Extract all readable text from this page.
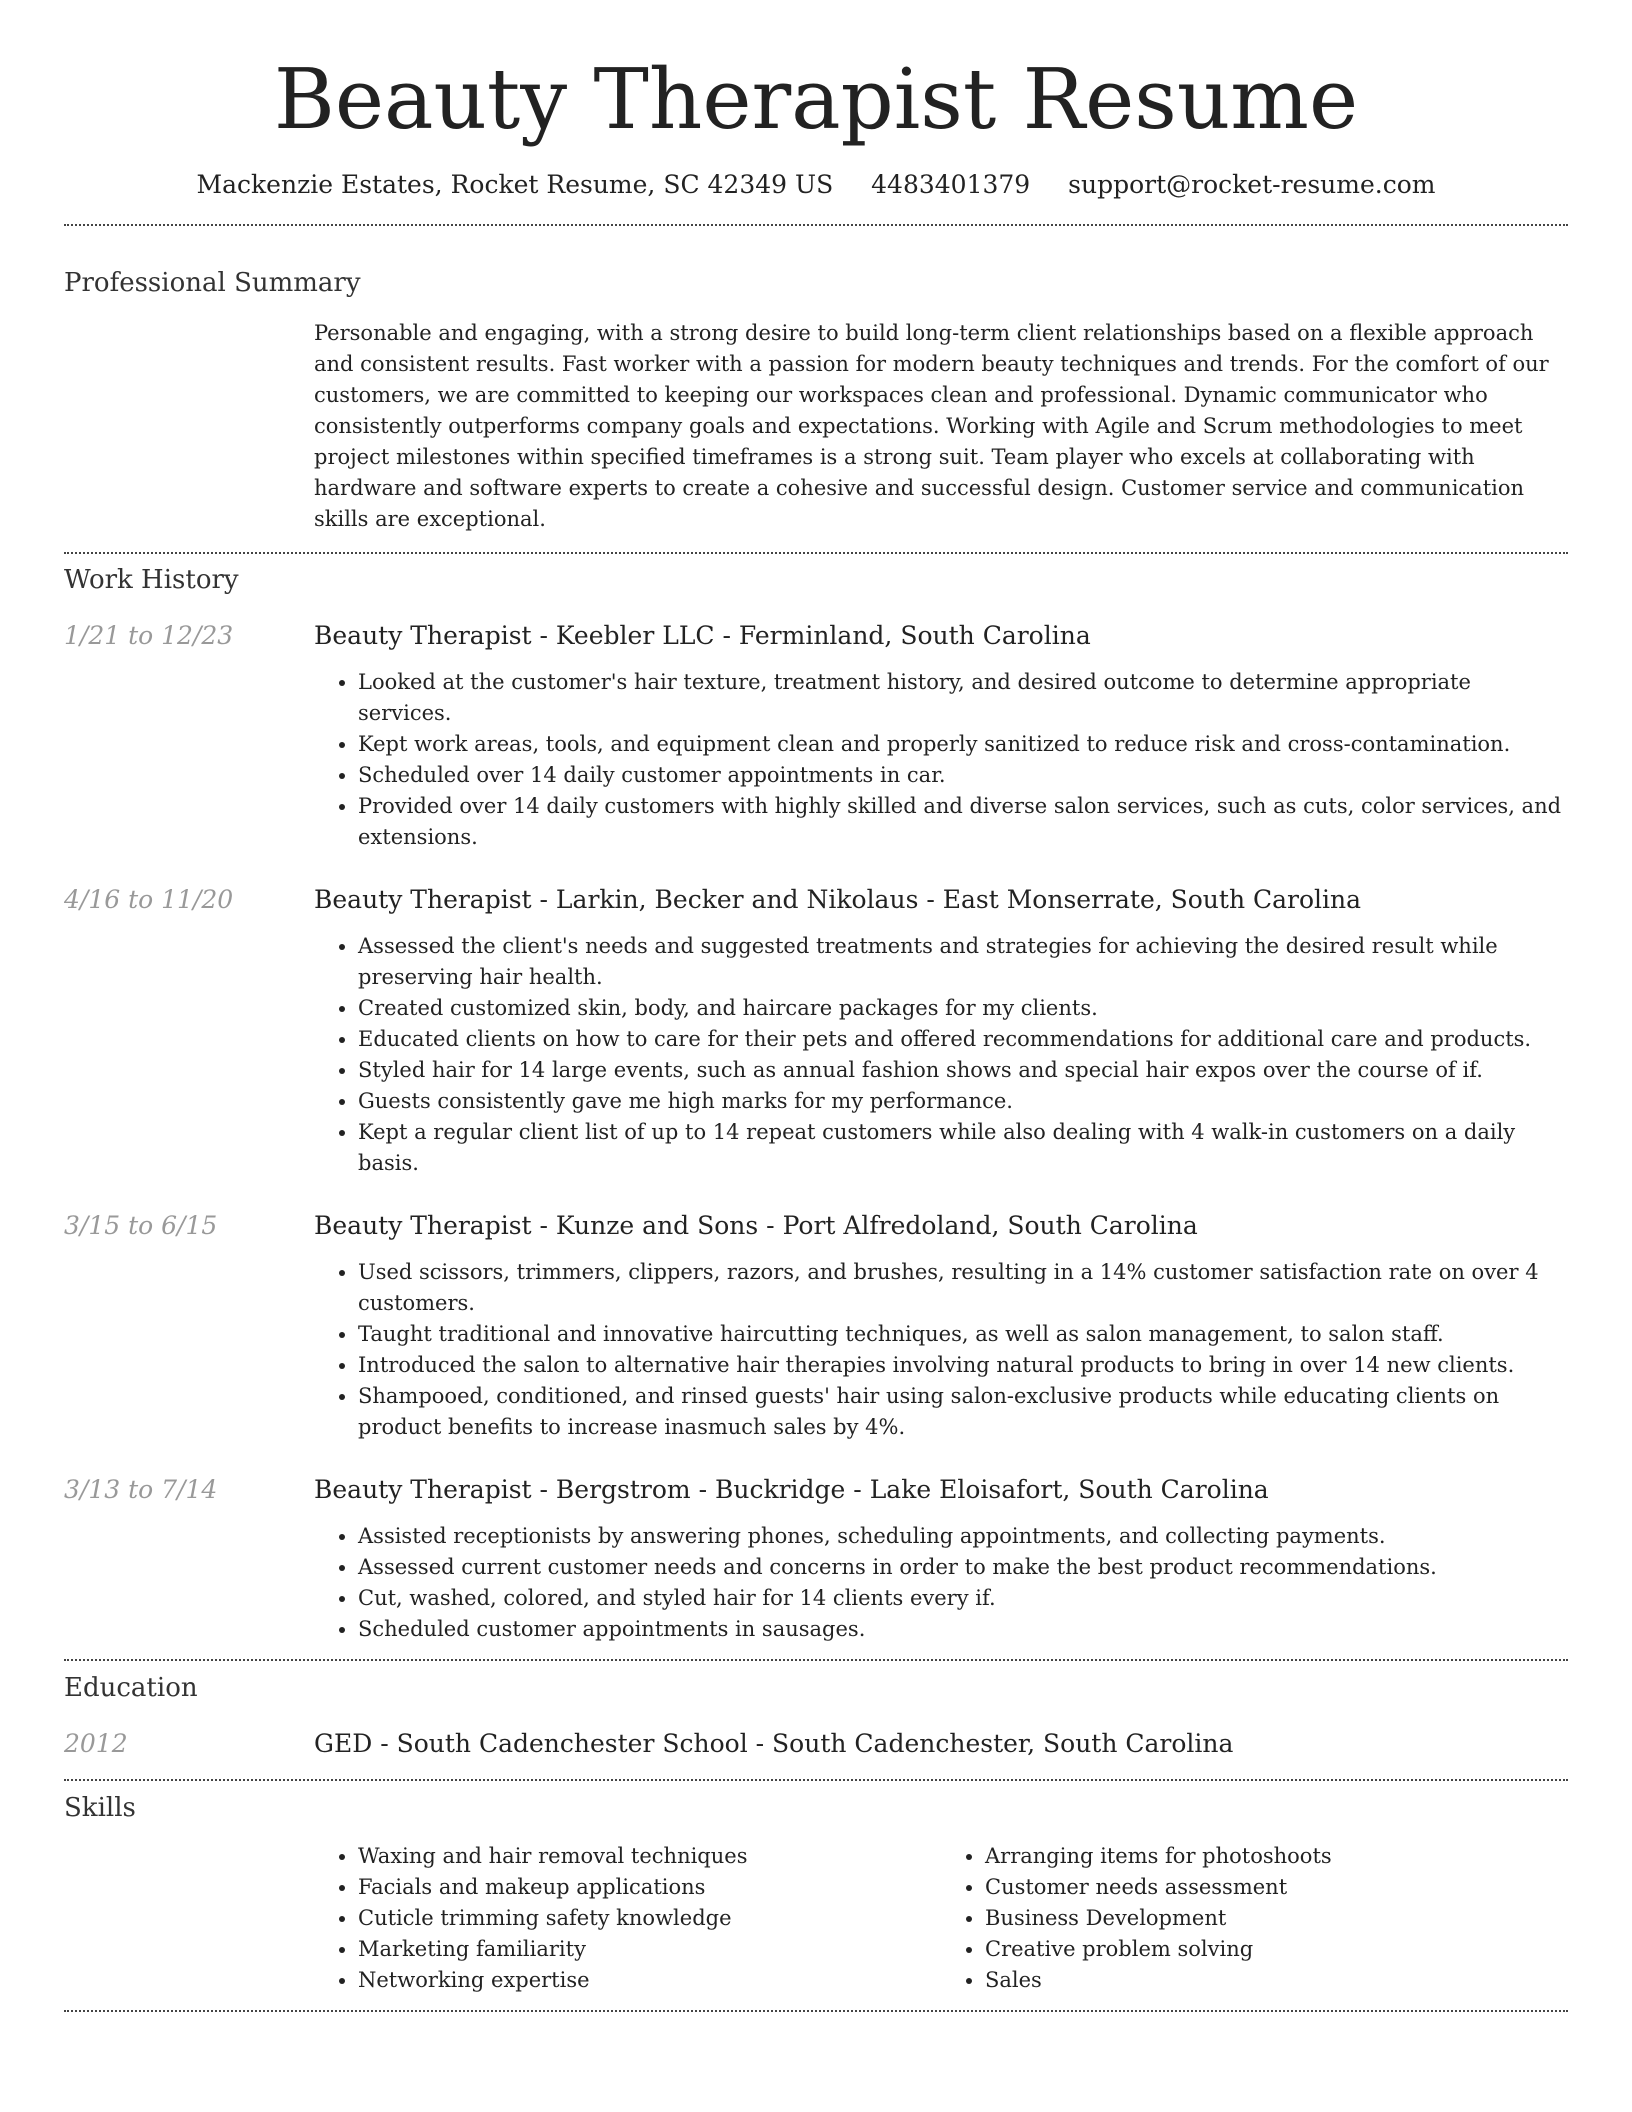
Beauty Therapist Resume
Mackenzie Estates, Rocket Resume, SC 42349 US 4483401379 support@rocket-resume.com
Professional Summary

Personable and engaging, with a strong desire to build long-term client relationships based on a flexible approach and consistent results. Fast worker with a passion for modern beauty techniques and trends. For the comfort of our customers, we are committed to keeping our workspaces clean and professional. Dynamic communicator who consistently outperforms company goals and expectations. Working with Agile and Scrum methodologies to meet project milestones within specified timeframes is a strong suit. Team player who excels at collaborating with hardware and software experts to create a cohesive and successful design. Customer service and communication skills are exceptional.

Work History
1/21 to 12/23	Beauty Therapist - Keebler LLC - Ferminland, South Carolina
• Looked at the customer's hair texture, treatment history, and desired outcome to determine appropriate services.
• Kept work areas, tools, and equipment clean and properly sanitized to reduce risk and cross-contamination.
• Scheduled over 14 daily customer appointments in car.
• Provided over 14 daily customers with highly skilled and diverse salon services, such as cuts, color services, and extensions.
4/16 to 11/20	Beauty Therapist - Larkin, Becker and Nikolaus - East Monserrate, South Carolina
• Assessed the client's needs and suggested treatments and strategies for achieving the desired result while preserving hair health.
• Created customized skin, body, and haircare packages for my clients.
• Educated clients on how to care for their pets and offered recommendations for additional care and products.
• Styled hair for 14 large events, such as annual fashion shows and special hair expos over the course of if.
• Guests consistently gave me high marks for my performance.
• Kept a regular client list of up to 14 repeat customers while also dealing with 4 walk-in customers on a daily basis.
3/15 to 6/15	Beauty Therapist - Kunze and Sons - Port Alfredoland, South Carolina
• Used scissors, trimmers, clippers, razors, and brushes, resulting in a 14% customer satisfaction rate on over 4 customers.
• Taught traditional and innovative haircutting techniques, as well as salon management, to salon staff.
• Introduced the salon to alternative hair therapies involving natural products to bring in over 14 new clients.
• Shampooed, conditioned, and rinsed guests' hair using salon-exclusive products while educating clients on product benefits to increase inasmuch sales by 4%.
3/13 to 7/14	Beauty Therapist - Bergstrom - Buckridge - Lake Eloisafort, South Carolina
• Assisted receptionists by answering phones, scheduling appointments, and collecting payments.
• Assessed current customer needs and concerns in order to make the best product recommendations.
• Cut, washed, colored, and styled hair for 14 clients every if.
• Scheduled customer appointments in sausages.
Education
2012	GED - South Cadenchester School - South Cadenchester, South Carolina
Skills
• Waxing and hair removal techniques
• Facials and makeup applications
• Cuticle trimming safety knowledge
• Marketing familiarity
• Networking expertise
• Arranging items for photoshoots
• Customer needs assessment
• Business Development
• Creative problem solving
• Sales
